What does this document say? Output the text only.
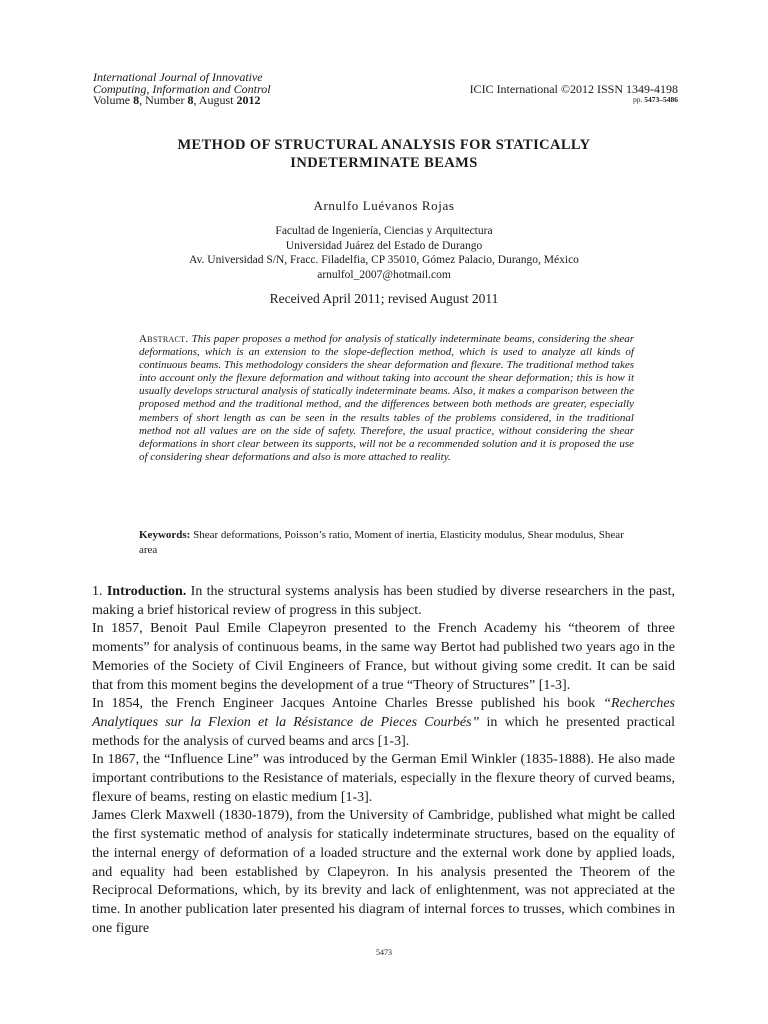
International Journal of Innovative
Computing, Information and Control
Volume 8, Number 8, August 2012
ICIC International ©2012 ISSN 1349-4198
pp. 5473–5486
METHOD OF STRUCTURAL ANALYSIS FOR STATICALLY
INDETERMINATE BEAMS
Arnulfo Luévanos Rojas
Facultad de Ingeniería, Ciencias y Arquitectura
Universidad Juárez del Estado de Durango
Av. Universidad S/N, Fracc. Filadelfia, CP 35010, Gómez Palacio, Durango, México
arnulfol_2007@hotmail.com
Received April 2011; revised August 2011
Abstract. This paper proposes a method for analysis of statically indeterminate beams, considering the shear deformations, which is an extension to the slope-deflection method, which is used to analyze all kinds of continuous beams. This methodology considers the shear deformation and flexure. The traditional method takes into account only the flexure deformation and without taking into account the shear deformation; this is how it usually develops structural analysis of statically indeterminate beams. Also, it makes a comparison between the proposed method and the traditional method, and the differences between both methods are greater, especially members of short length as can be seen in the results tables of the problems considered, in the traditional method not all values are on the side of safety. Therefore, the usual practice, without considering the shear deformations in short clear between its supports, will not be a recommended solution and it is proposed the use of considering shear deformations and also is more attached to reality.
Keywords: Shear deformations, Poisson’s ratio, Moment of inertia, Elasticity modulus, Shear modulus, Shear area

1. Introduction. In the structural systems analysis has been studied by diverse researchers in the past, making a brief historical review of progress in this subject.

In 1857, Benoit Paul Emile Clapeyron presented to the French Academy his “theorem of three moments” for analysis of continuous beams, in the same way Bertot had published two years ago in the Memories of the Society of Civil Engineers of France, but without giving some credit. It can be said that from this moment begins the development of a true “Theory of Structures” [1-3].

In 1854, the French Engineer Jacques Antoine Charles Bresse published his book “Recherches Analytiques sur la Flexion et la Résistance de Pieces Courbés” in which he presented practical methods for the analysis of curved beams and arcs [1-3].

In 1867, the “Influence Line” was introduced by the German Emil Winkler (1835-1888). He also made important contributions to the Resistance of materials, especially in the flexure theory of curved beams, flexure of beams, resting on elastic medium [1-3].

James Clerk Maxwell (1830-1879), from the University of Cambridge, published what might be called the first systematic method of analysis for statically indeterminate structures, based on the equality of the internal energy of deformation of a loaded structure and the external work done by applied loads, and equality had been established by Clapeyron. In his analysis presented the Theorem of the Reciprocal Deformations, which, by its brevity and lack of enlightenment, was not appreciated at the time. In another publication later presented his diagram of internal forces to trusses, which combines in one figure

5473
